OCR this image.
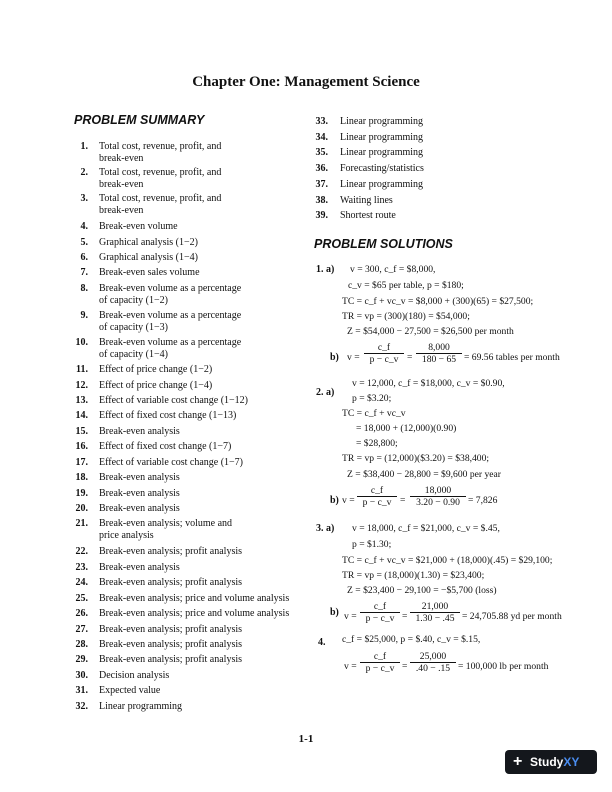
Chapter One: Management Science
PROBLEM SUMMARY
1. Total cost, revenue, profit, and
break-even
2. Total cost, revenue, profit, and
break-even
3. Total cost, revenue, profit, and
break-even
4. Break-even volume
5. Graphical analysis (1−2)
6. Graphical analysis (1−4)
7. Break-even sales volume
8. Break-even volume as a percentage
of capacity (1−2)
9. Break-even volume as a percentage
of capacity (1−3)
10. Break-even volume as a percentage
of capacity (1−4)
11. Effect of price change (1−2)
12. Effect of price change (1−4)
13. Effect of variable cost change (1−12)
14. Effect of fixed cost change (1−13)
15. Break-even analysis
16. Effect of fixed cost change (1−7)
17. Effect of variable cost change (1−7)
18. Break-even analysis
19. Break-even analysis
20. Break-even analysis
21. Break-even analysis; volume and
price analysis
22. Break-even analysis; profit analysis
23. Break-even analysis
24. Break-even analysis; profit analysis
25. Break-even analysis; price and volume analysis
26. Break-even analysis; price and volume analysis
27. Break-even analysis; profit analysis
28. Break-even analysis; profit analysis
29. Break-even analysis; profit analysis
30. Decision analysis
31. Expected value
32. Linear programming
33. Linear programming
34. Linear programming
35. Linear programming
36. Forecasting/statistics
37. Linear programming
38. Waiting lines
39. Shortest route
PROBLEM SOLUTIONS
1. a) v = 300, c_f = $8,000,
c_v = $65 per table, p = $180;
TC = c_f + vc_v = $8,000 + (300)(65) = $27,500;
TR = vp = (300)(180) = $54,000;
Z = $54,000 − 27,500 = $26,500 per month
b) $v = \frac{c\_f}{p - c\_v} = \frac{8,000}{180 - 65} = 69.56$ tables per month
v = 12,000, c_f = $18,000, c_v = $0.90,
2. a)
p = $3.20;
TC = c_f + vc_v
= 18,000 + (12,000)(0.90)
= $28,800;
TR = vp = (12,000)($3.20) = $38,400;
Z = $38,400 − 28,800 = $9,600 per year
b) $v = \frac{c\_f}{p - c\_v} = \frac{18,000}{3.20 - 0.90} = 7,826$
3. a) v = 18,000, c_f = $21,000, c_v = $.45,
p = $1.30;
TC = c_f + vc_v = $21,000 + (18,000)(.45) = $29,100;
TR = vp = (18,000)(1.30) = $23,400;
Z = $23,400 − 29,100 = −$5,700 (loss)
b) $v = \frac{c\_f}{p - c\_v} = \frac{21,000}{1.30 - .45} = 24,705.88$ yd per month
4. c_f = $25,000, p = $.40, c_v = $.15,
$v = \frac{c\_f}{p - c\_v} = \frac{25,000}{.40 - .15} = 100,000$ lb per month
1-1
+ StudyXY
